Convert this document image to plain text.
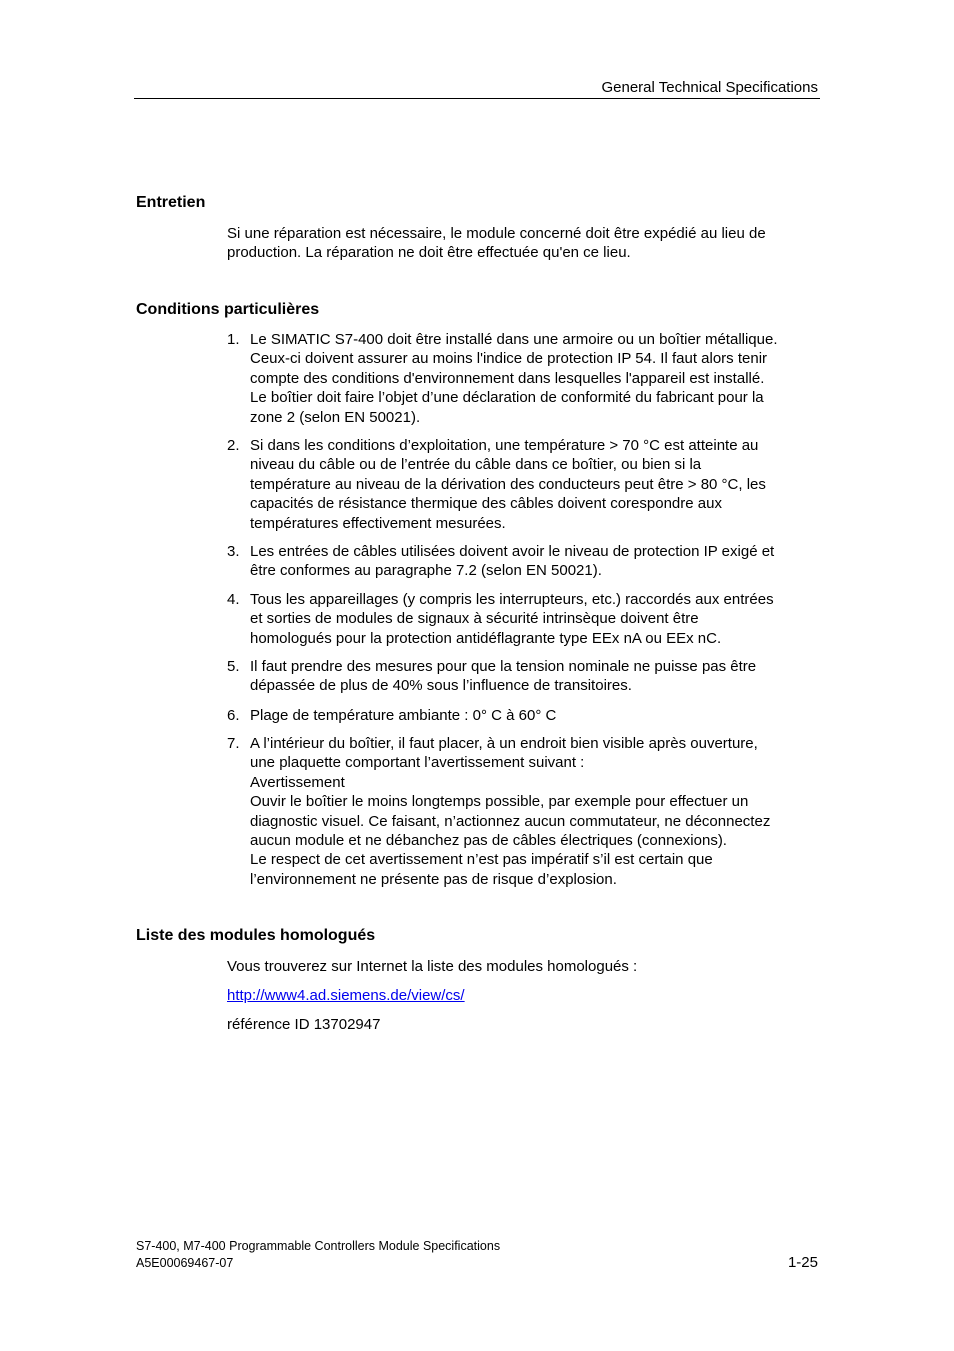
General Technical Specifications
Entretien
Si une réparation est nécessaire, le module concerné doit être expédié au lieu de
production. La réparation ne doit être effectuée qu'en ce lieu.
Conditions particulières
1. Le SIMATIC S7-400 doit être installé dans une armoire ou un boîtier métallique.
Ceux-ci doivent assurer au moins l'indice de protection IP 54. Il faut alors tenir
compte des conditions d'environnement dans lesquelles l'appareil est installé.
Le boîtier doit faire l’objet d’une déclaration de conformité du fabricant pour la
zone 2 (selon EN 50021).
2. Si dans les conditions d’exploitation, une température > 70 °C est atteinte au
niveau du câble ou de l’entrée du câble dans ce boîtier, ou bien si la
température au niveau de la dérivation des conducteurs peut être > 80 °C, les
capacités de résistance thermique des câbles doivent corespondre aux
températures effectivement mesurées.
3. Les entrées de câbles utilisées doivent avoir le niveau de protection IP exigé et
être conformes au paragraphe 7.2 (selon EN 50021).
4. Tous les appareillages (y compris les interrupteurs, etc.) raccordés aux entrées
et sorties de modules de signaux à sécurité intrinsèque doivent être
homologués pour la protection antidéflagrante type EEx nA ou EEx nC.
5. Il faut prendre des mesures pour que la tension nominale ne puisse pas être
dépassée de plus de 40% sous l’influence de transitoires.
6. Plage de température ambiante : 0° C à 60° C
7. A l’intérieur du boîtier, il faut placer, à un endroit bien visible après ouverture,
une plaquette comportant l’avertissement suivant :
Avertissement
Ouvir le boîtier le moins longtemps possible, par exemple pour effectuer un
diagnostic visuel. Ce faisant, n’actionnez aucun commutateur, ne déconnectez
aucun module et ne débanchez pas de câbles électriques (connexions).
Le respect de cet avertissement n’est pas impératif s’il est certain que
l’environnement ne présente pas de risque d’explosion.
Liste des modules homologués
Vous trouverez sur Internet la liste des modules homologués :
http://www4.ad.siemens.de/view/cs/
référence ID 13702947
S7-400, M7-400 Programmable Controllers Module Specifications
A5E00069467-07	1-25
